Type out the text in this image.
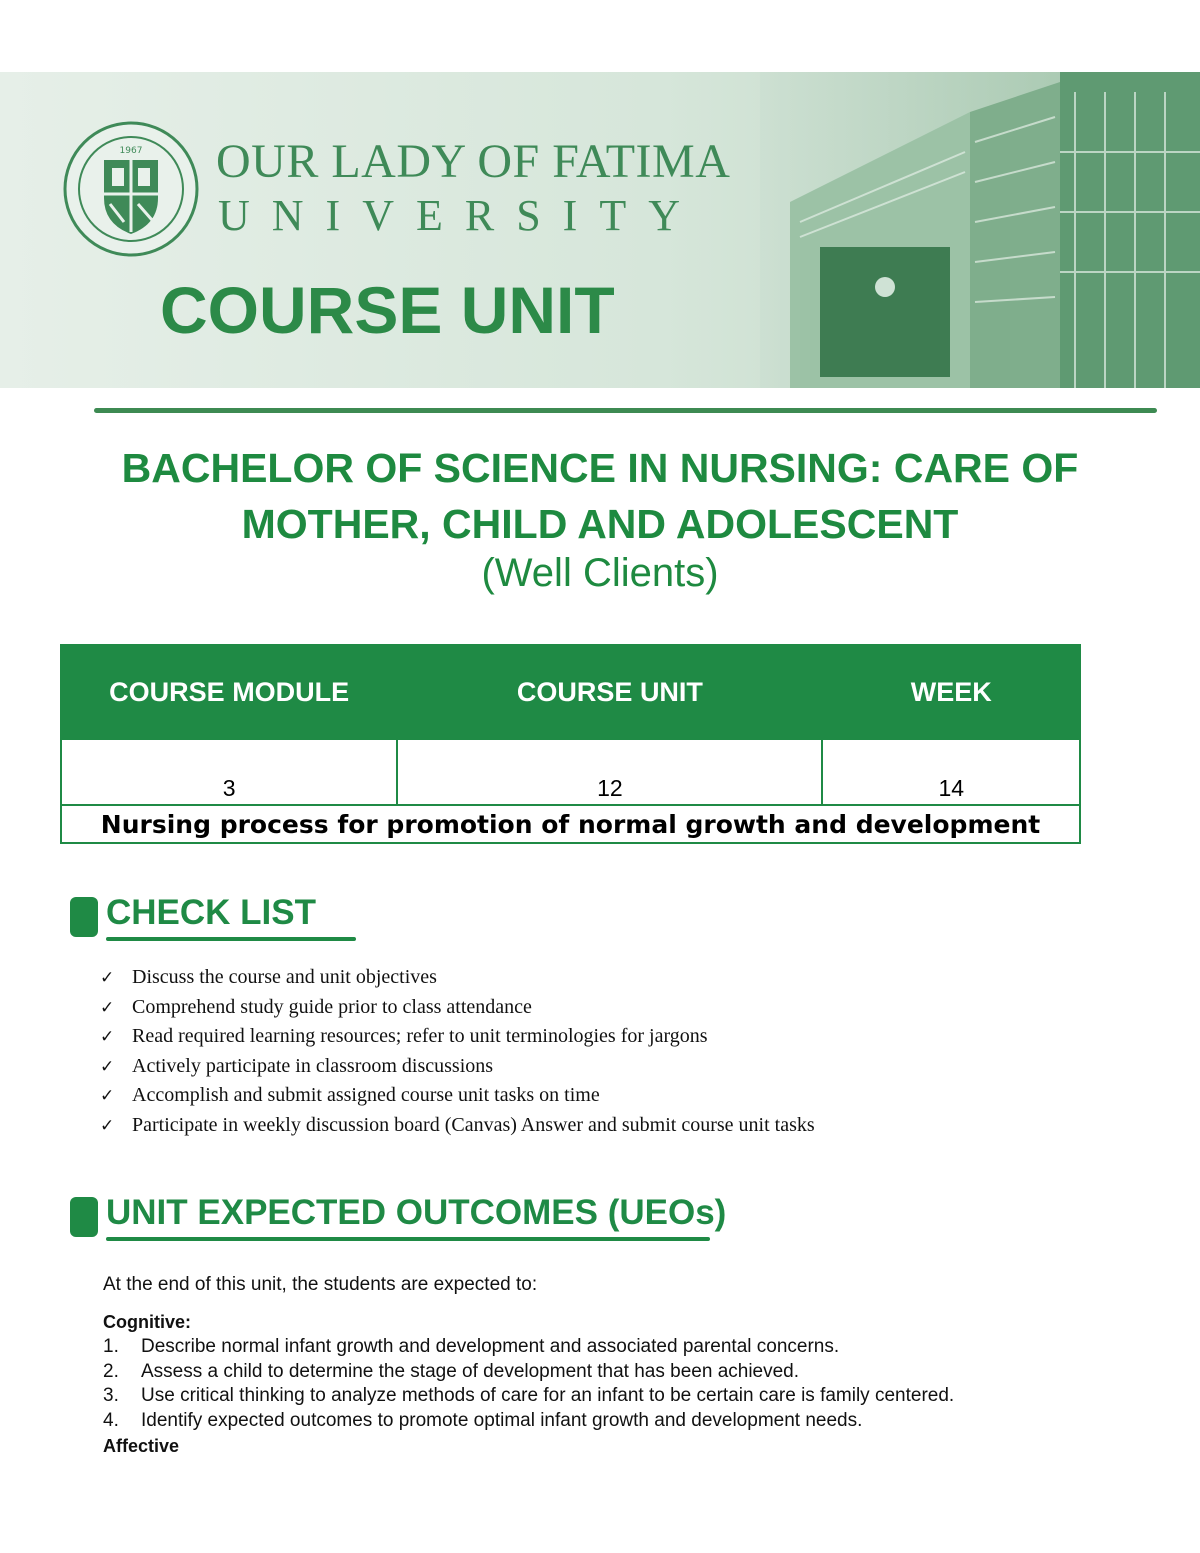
1967 OUR LADY OF FATIMA
UNIVERSITY
COURSE UNIT
BACHELOR OF SCIENCE IN NURSING: CARE OF
MOTHER, CHILD AND ADOLESCENT
(Well Clients)
COURSE MODULE	COURSE UNIT	WEEK
3	12	14
Nursing process for promotion of normal growth and development		
CHECK LIST
✓ Discuss the course and unit objectives
✓ Comprehend study guide prior to class attendance
✓ Read required learning resources; refer to unit terminologies for jargons
✓ Actively participate in classroom discussions
✓ Accomplish and submit assigned course unit tasks on time
✓ Participate in weekly discussion board (Canvas) Answer and submit course unit tasks
UNIT EXPECTED OUTCOMES (UEOs)
At the end of this unit, the students are expected to:
Cognitive:
1. Describe normal infant growth and development and associated parental concerns.
2. Assess a child to determine the stage of development that has been achieved.
3. Use critical thinking to analyze methods of care for an infant to be certain care is family centered.
4. Identify expected outcomes to promote optimal infant growth and development needs.
Affective
